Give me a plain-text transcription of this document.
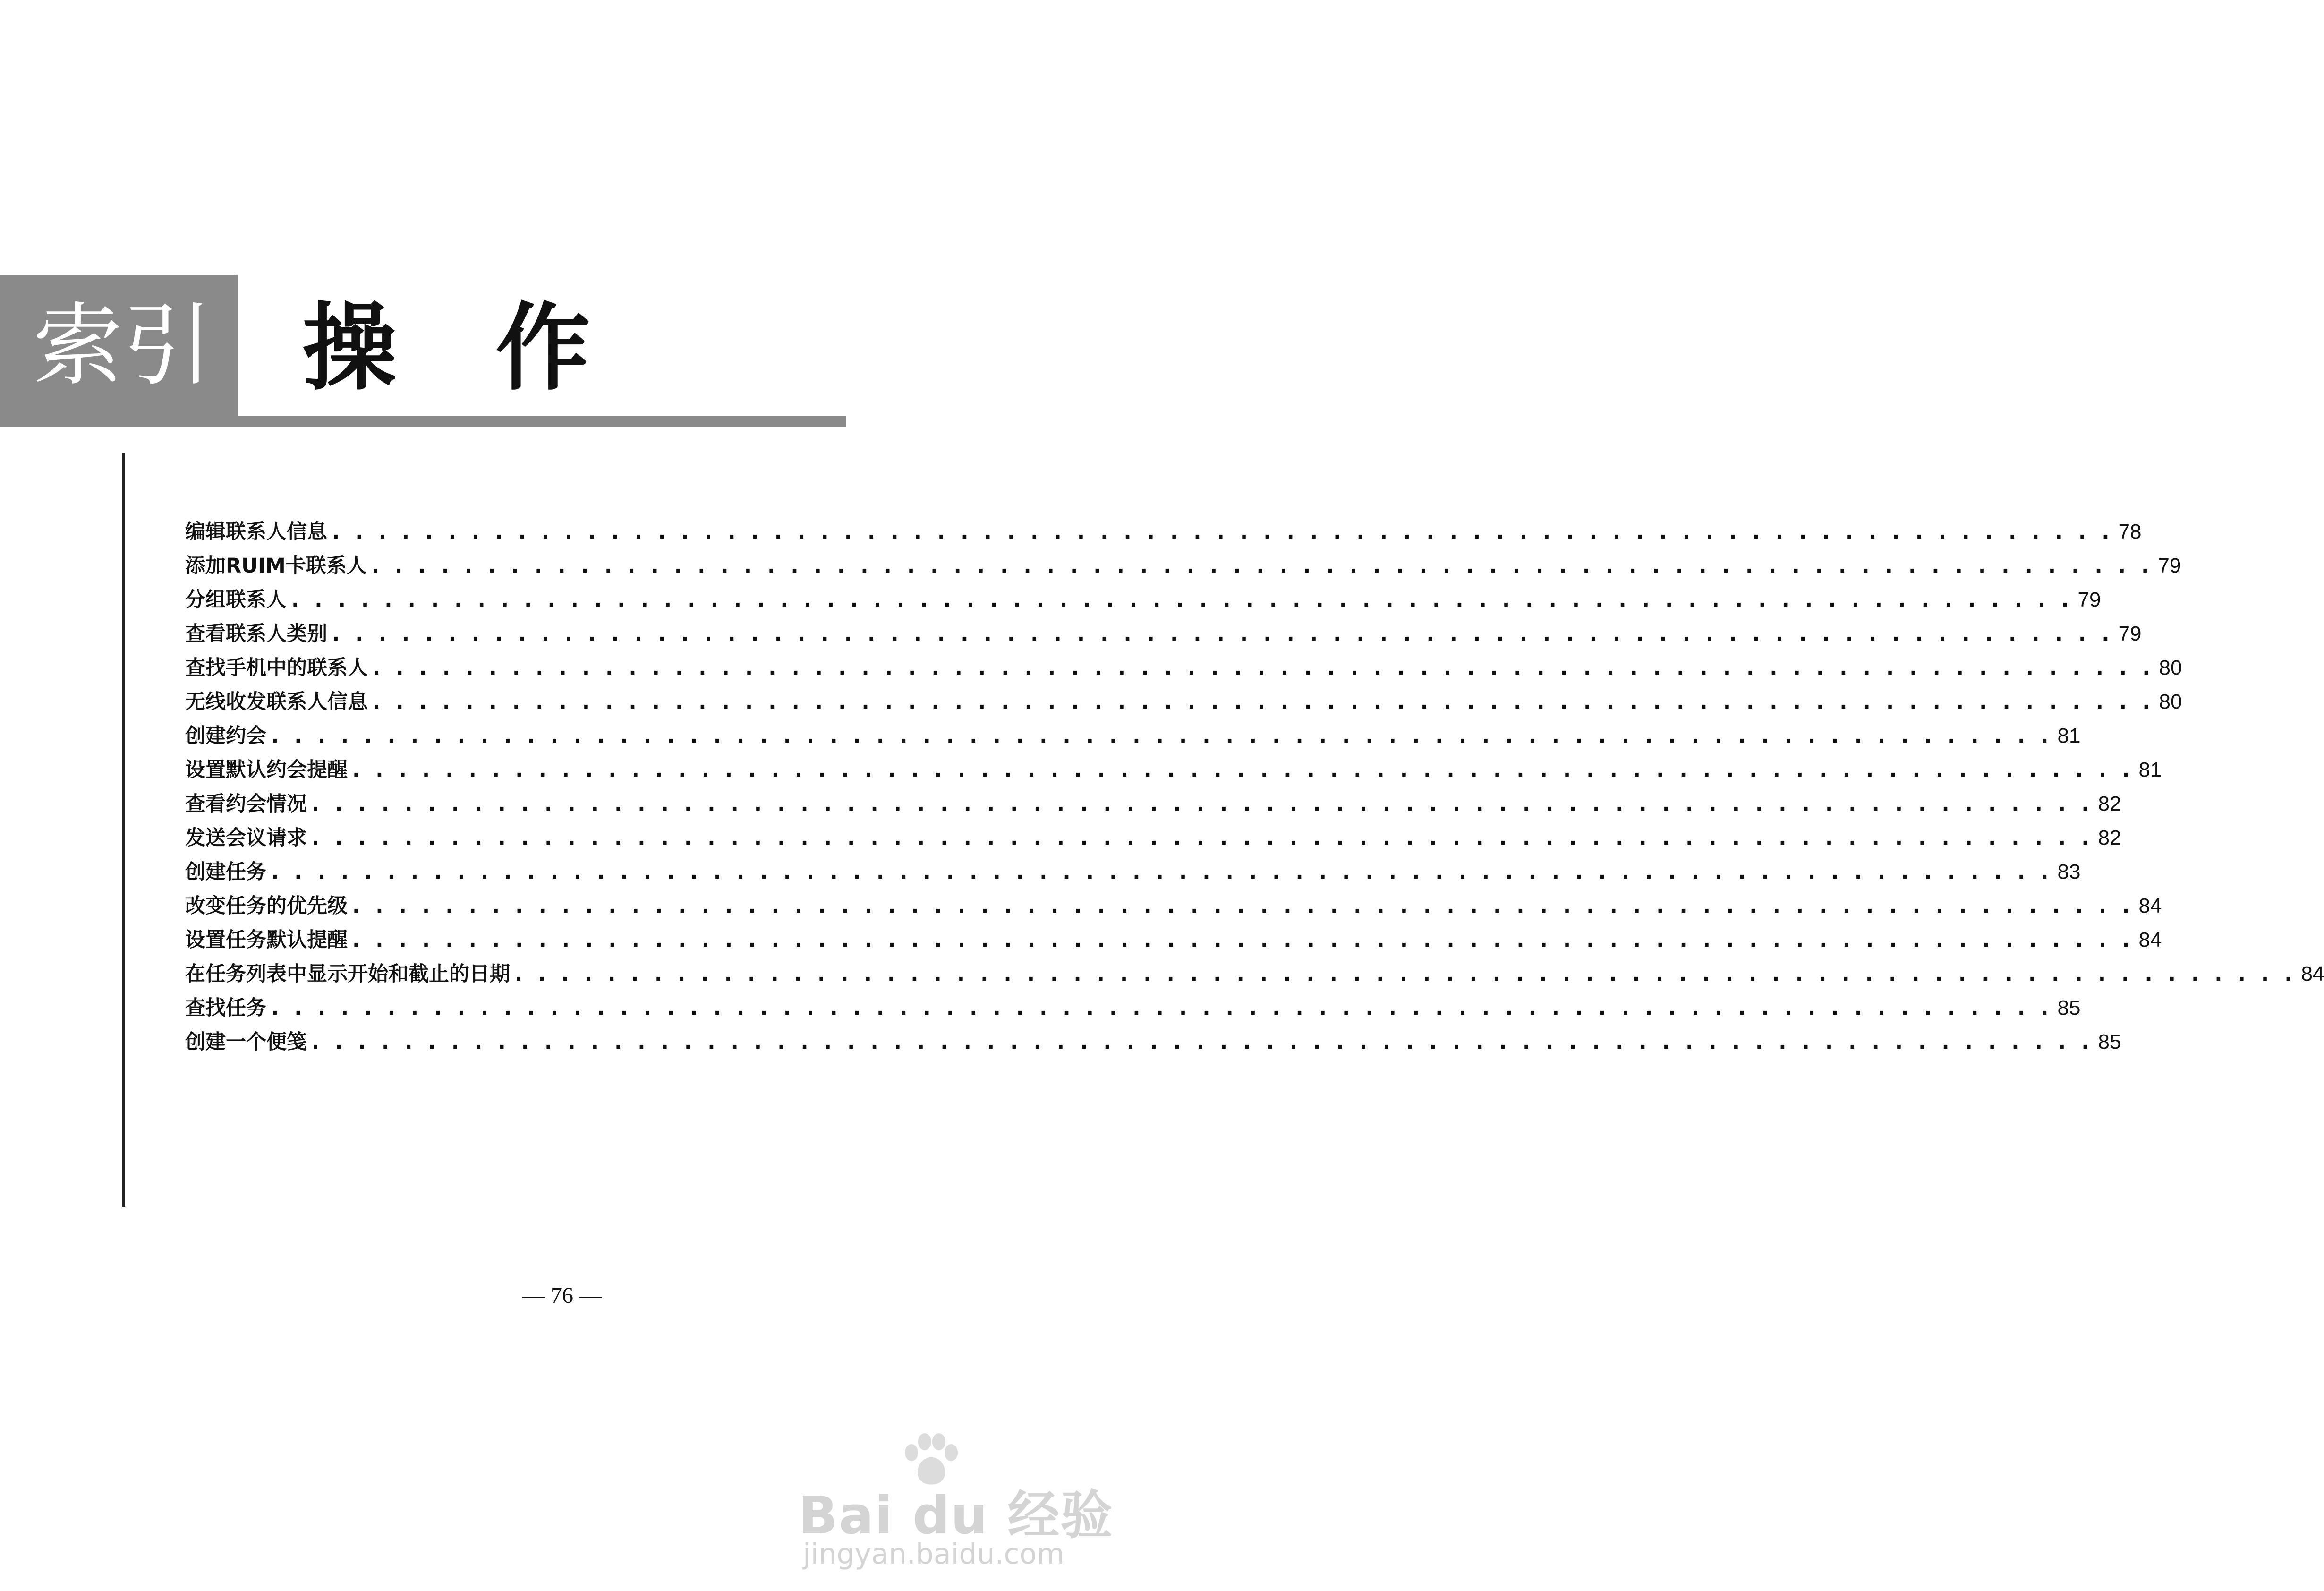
索引 操 作
编辑联系人信息 . . . . . . . . . . . . . . . . . . . . . . . . . . . . . . . . . . . . . . . . . . . . . . . . . . . . . . . . . . . . . . . . . . . . . . . . . . . . . 78
添加RUIM卡联系人 . . . . . . . . . . . . . . . . . . . . . . . . . . . . . . . . . . . . . . . . . . . . . . . . . . . . . . . . . . . . . . . . . . . . . . . . . . . . . 79
分组联系人 . . . . . . . . . . . . . . . . . . . . . . . . . . . . . . . . . . . . . . . . . . . . . . . . . . . . . . . . . . . . . . . . . . . . . . . . . . . . . 79
查看联系人类别 . . . . . . . . . . . . . . . . . . . . . . . . . . . . . . . . . . . . . . . . . . . . . . . . . . . . . . . . . . . . . . . . . . . . . . . . . . . . . 79
查找手机中的联系人 . . . . . . . . . . . . . . . . . . . . . . . . . . . . . . . . . . . . . . . . . . . . . . . . . . . . . . . . . . . . . . . . . . . . . . . . . . . . . 80
无线收发联系人信息 . . . . . . . . . . . . . . . . . . . . . . . . . . . . . . . . . . . . . . . . . . . . . . . . . . . . . . . . . . . . . . . . . . . . . . . . . . . . . 80
创建约会 . . . . . . . . . . . . . . . . . . . . . . . . . . . . . . . . . . . . . . . . . . . . . . . . . . . . . . . . . . . . . . . . . . . . . . . . . . . . . 81
设置默认约会提醒 . . . . . . . . . . . . . . . . . . . . . . . . . . . . . . . . . . . . . . . . . . . . . . . . . . . . . . . . . . . . . . . . . . . . . . . . . . . . . 81
查看约会情况 . . . . . . . . . . . . . . . . . . . . . . . . . . . . . . . . . . . . . . . . . . . . . . . . . . . . . . . . . . . . . . . . . . . . . . . . . . . . . 82
发送会议请求 . . . . . . . . . . . . . . . . . . . . . . . . . . . . . . . . . . . . . . . . . . . . . . . . . . . . . . . . . . . . . . . . . . . . . . . . . . . . . 82
创建任务 . . . . . . . . . . . . . . . . . . . . . . . . . . . . . . . . . . . . . . . . . . . . . . . . . . . . . . . . . . . . . . . . . . . . . . . . . . . . . 83
改变任务的优先级 . . . . . . . . . . . . . . . . . . . . . . . . . . . . . . . . . . . . . . . . . . . . . . . . . . . . . . . . . . . . . . . . . . . . . . . . . . . . . 84
设置任务默认提醒 . . . . . . . . . . . . . . . . . . . . . . . . . . . . . . . . . . . . . . . . . . . . . . . . . . . . . . . . . . . . . . . . . . . . . . . . . . . . . 84
在任务列表中显示开始和截止的日期 . . . . . . . . . . . . . . . . . . . . . . . . . . . . . . . . . . . . . . . . . . . . . . . . . . . . . . . . . . . . . . . . . . . . . . . . . . . . . 84
查找任务 . . . . . . . . . . . . . . . . . . . . . . . . . . . . . . . . . . . . . . . . . . . . . . . . . . . . . . . . . . . . . . . . . . . . . . . . . . . . . 85
创建一个便笺 . . . . . . . . . . . . . . . . . . . . . . . . . . . . . . . . . . . . . . . . . . . . . . . . . . . . . . . . . . . . . . . . . . . . . . . . . . . . . 85
— 76 —
Bai du 经验
jingyan.baidu.com
